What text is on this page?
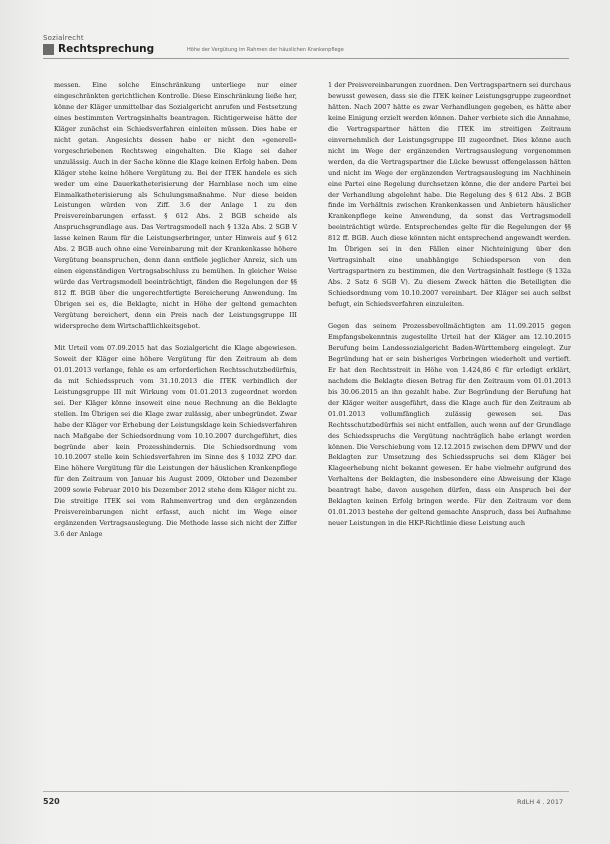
Sozialrecht
Rechtsprechung	Höhe der Vergütung im Rahmen der häuslichen Krankenpflege

messen. Eine solche Einschränkung unterliege nur einer eingeschränkten gerichtlichen Kontrolle. Diese Einschränkung ließe her, könne der Kläger unmittelbar das Sozialgericht anrufen und Festsetzung eines bestimmten Vertragsinhalts beantragen. Richtigerweise hätte der Kläger zunächst ein Schiedsverfahren einleiten müssen. Dies habe er nicht getan. Angesichts dessen habe er nicht den »generell« vorgeschriebenen Rechtsweg eingehalten. Die Klage sei daher unzulässig. Auch in der Sache könne die Klage keinen Erfolg haben. Dem Kläger stehe keine höhere Vergütung zu. Bei der ITEK handele es sich weder um eine Dauerkatheterisierung der Harnblase noch um eine Einmalkatheterisierung als Schulungsmaßnahme. Nur diese beiden Leistungen würden von Ziff. 3.6 der Anlage 1 zu den Preisvereinbarungen erfasst. § 612 Abs. 2 BGB scheide als Anspruchsgrundlage aus. Das Vertragsmodell nach § 132a Abs. 2 SGB V lasse keinen Raum für die Leistungserbringer, unter Hinweis auf § 612 Abs. 2 BGB auch ohne eine Vereinbarung mit der Krankenkasse höhere Vergütung beanspruchen, denn dann entfiele jeglicher Anreiz, sich um einen eigenständigen Vertragsabschluss zu bemühen. In gleicher Weise würde das Vertragsmodell beeinträchtigt, fänden die Regelungen der §§ 812 ff. BGB über die ungerechtfertigte Bereicherung Anwendung. Im Übrigen sei es, die Beklagte, nicht in Höhe der geltend gemachten Vergütung bereichert, denn ein Preis nach der Leistungsgruppe III widerspreche dem Wirtschaftlichkeitsgebot.

Mit Urteil vom 07.09.2015 hat das Sozialgericht die Klage abgewiesen. Soweit der Kläger eine höhere Vergütung für den Zeitraum ab dem 01.01.2013 verlange, fehle es am erforderlichen Rechtsschutzbedürfnis, da mit Schiedsspruch vom 31.10.2013 die ITEK verbindlich der Leistungsgruppe III mit Wirkung vom 01.01.2013 zugeordnet worden sei. Der Kläger könne insoweit eine neue Rechnung an die Beklagte stellen. Im Übrigen sei die Klage zwar zulässig, aber unbegründet. Zwar habe der Kläger vor Erhebung der Leistungsklage kein Schiedsverfahren nach Maßgabe der Schiedsordnung vom 10.10.2007 durchgeführt, dies begründe aber kein Prozesshindernis. Die Schiedsordnung vom 10.10.2007 stelle kein Schiedsverfahren im Sinne des § 1032 ZPO dar. Eine höhere Vergütung für die Leistungen der häuslichen Krankenpflege für den Zeitraum von Januar bis August 2009, Oktober und Dezember 2009 sowie Februar 2010 bis Dezember 2012 stehe dem Kläger nicht zu. Die streitige ITEK sei vom Rahmenvertrag und den ergänzenden Preisvereinbarungen nicht erfasst, auch nicht im Wege einer ergänzenden Vertragsauslegung. Die Methode lasse sich nicht der Ziffer 3.6 der Anlage

1 der Preisvereinbarungen zuordnen. Den Vertragspartnern sei durchaus bewusst gewesen, dass sie die ITEK keiner Leistungsgruppe zugeordnet hätten. Nach 2007 hätte es zwar Verhandlungen gegeben, es hätte aber keine Einigung erzielt werden können. Daher verbiete sich die Annahme, die Vertragspartner hätten die ITEK im streitigen Zeitraum einvernehmlich der Leistungsgruppe III zugeordnet. Dies könne auch nicht im Wege der ergänzenden Vertragsauslegung vorgenommen werden, da die Vertragspartner die Lücke bewusst offengelassen hätten und nicht im Wege der ergänzenden Vertragsauslegung im Nachhinein eine Partei eine Regelung durchsetzen könne, die der andere Partei bei der Verhandlung abgelehnt habe. Die Regelung des § 612 Abs. 2 BGB finde im Verhältnis zwischen Krankenkassen und Anbietern häuslicher Krankenpflege keine Anwendung, da sonst das Vertragsmodell beeinträchtigt würde. Entsprechendes gelte für die Regelungen der §§ 812 ff. BGB. Auch diese könnten nicht entsprechend angewandt werden. Im Übrigen sei in den Fällen einer Nichteinigung über den Vertragsinhalt eine unabhängige Schiedsperson von den Vertragspartnern zu bestimmen, die den Vertragsinhalt festlege (§ 132a Abs. 2 Satz 6 SGB V). Zu diesem Zweck hätten die Beteiligten die Schiedsordnung vom 10.10.2007 vereinbart. Der Kläger sei auch selbst befugt, ein Schiedsverfahren einzuleiten.

Gegen das seinem Prozessbevollmächtigten am 11.09.2015 gegen Empfangsbekenntnis zugestellte Urteil hat der Kläger am 12.10.2015 Berufung beim Landessozialgericht Baden-Württemberg eingelegt. Zur Begründung hat er sein bisheriges Vorbringen wiederholt und vertieft. Er hat den Rechtsstreit in Höhe von 1.424,86 € für erledigt erklärt, nachdem die Beklagte diesen Betrag für den Zeitraum vom 01.01.2013 bis 30.06.2015 an ihn gezahlt habe. Zur Begründung der Berufung hat der Kläger weiter ausgeführt, dass die Klage auch für den Zeitraum ab 01.01.2013 vollumfänglich zulässig gewesen sei. Das Rechtsschutzbedürfnis sei nicht entfallen, auch wenn auf der Grundlage des Schiedsspruchs die Vergütung nachträglich habe erlangt werden können. Die Verschiebung vom 12.12.2015 zwischen dem DPWV und der Beklagten zur Umsetzung des Schiedsspruchs sei dem Kläger bei Klageerhebung nicht bekannt gewesen. Er habe vielmehr aufgrund des Verhaltens der Beklagten, die insbesondere eine Abweisung der Klage beantragt habe, davon ausgehen dürfen, dass ein Anspruch bei der Beklagten keinen Erfolg bringen werde. Für den Zeitraum vor dem 01.01.2013 bestehe der geltend gemachte Anspruch, dass bei Aufnahme neuer Leistungen in die HKP-Richtlinie diese Leistung auch

520	RdLH 4 . 2017
